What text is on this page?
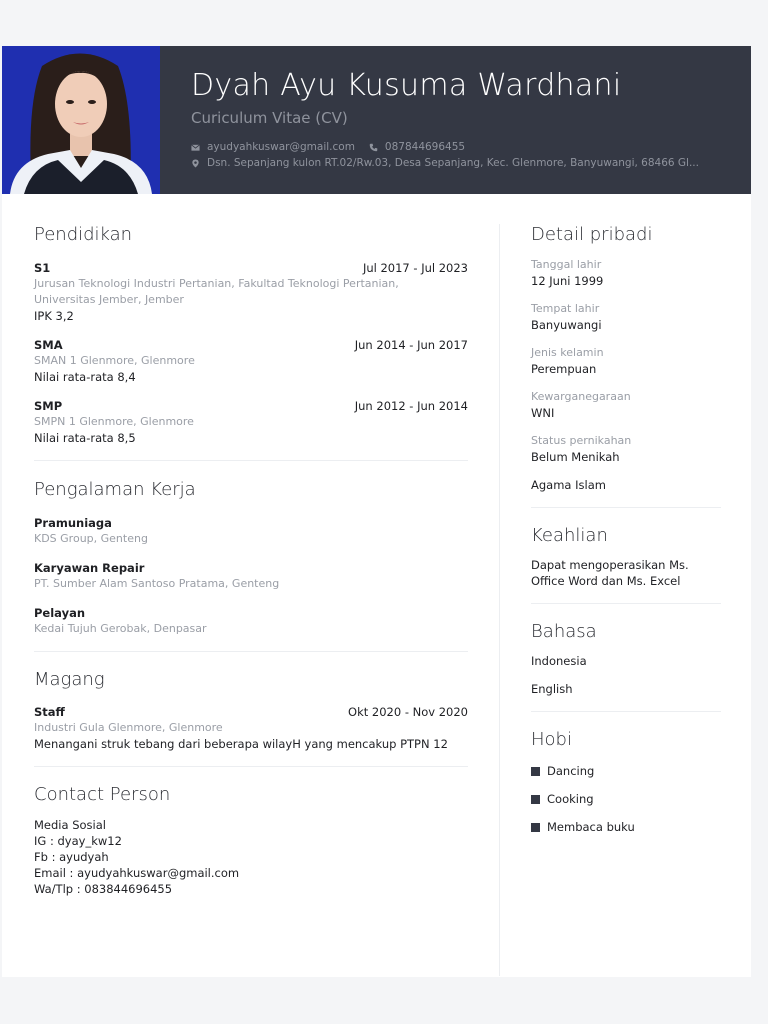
Dyah Ayu Kusuma Wardhani
Curiculum Vitae (CV)
ayudyahkuswar@gmail.com	087844696455
Dsn. Sepanjang kulon RT.02/Rw.03, Desa Sepanjang, Kec. Glenmore, Banyuwangi, 68466 Gl...
Pendidikan
S1	Jul 2017 - Jul 2023
Jurusan Teknologi Industri Pertanian, Fakultad Teknologi Pertanian, Universitas Jember, Jember
IPK 3,2
SMA	Jun 2014 - Jun 2017
SMAN 1 Glenmore, Glenmore
Nilai rata-rata 8,4
SMP	Jun 2012 - Jun 2014
SMPN 1 Glenmore, Glenmore
Nilai rata-rata 8,5
Pengalaman Kerja
Pramuniaga
KDS Group, Genteng
Karyawan Repair
PT. Sumber Alam Santoso Pratama, Genteng
Pelayan
Kedai Tujuh Gerobak, Denpasar
Magang
Staff	Okt 2020 - Nov 2020
Industri Gula Glenmore, Glenmore
Menangani struk tebang dari beberapa wilayH yang mencakup PTPN 12
Contact Person
Media Sosial
IG : dyay_kw12
Fb : ayudyah
Email : ayudyahkuswar@gmail.com
Wa/Tlp : 083844696455
Detail pribadi
Tanggal lahir
12 Juni 1999
Tempat lahir
Banyuwangi
Jenis kelamin
Perempuan
Kewarganegaraan
WNI
Status pernikahan
Belum Menikah
Agama Islam
Keahlian
Dapat mengoperasikan Ms. Office Word dan Ms. Excel
Bahasa
Indonesia
English
Hobi
Dancing
Cooking
Membaca buku
